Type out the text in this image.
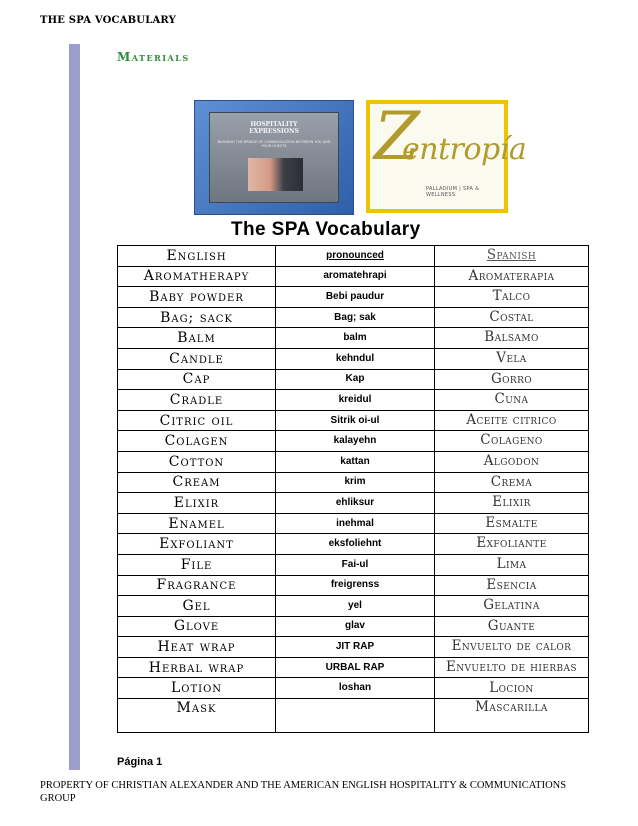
THE SPA VOCABULARY
Materials
HOSPITALITY
EXPRESSIONS
BUILDING THE BRIDGE OF COMMUNICATION BETWEEN YOU AND YOUR GUESTS	Z
entropía
PALLADIUM | SPA & WELLNESS
The SPA Vocabulary
English	pronounced	Spanish
Aromatherapy	aromatehrapi	Aromaterapia
Baby powder	Bebi paudur	Talco
Bag; sack	Bag; sak	Costal
Balm	balm	Balsamo
Candle	kehndul	Vela
Cap	Kap	Gorro
Cradle	kreidul	Cuna
Citric oil	Sitrik oi-ul	Aceite citrico
Colagen	kalayehn	Colageno
Cotton	kattan	Algodon
Cream	krim	Crema
Elixir	ehliksur	Elixir
Enamel	inehmal	Esmalte
Exfoliant	eksfoliehnt	Exfoliante
File	Fai-ul	Lima
Fragrance	freigrenss	Esencia
Gel	yel	Gelatina
Glove	glav	Guante
Heat wrap	JIT RAP	Envuelto de calor
Herbal wrap	URBAL RAP	Envuelto de hierbas
Lotion	loshan	Locion
Mask		Mascarilla
Página 1
PROPERTY OF CHRISTIAN ALEXANDER AND THE AMERICAN ENGLISH HOSPITALITY & COMMUNICATIONS GROUP
